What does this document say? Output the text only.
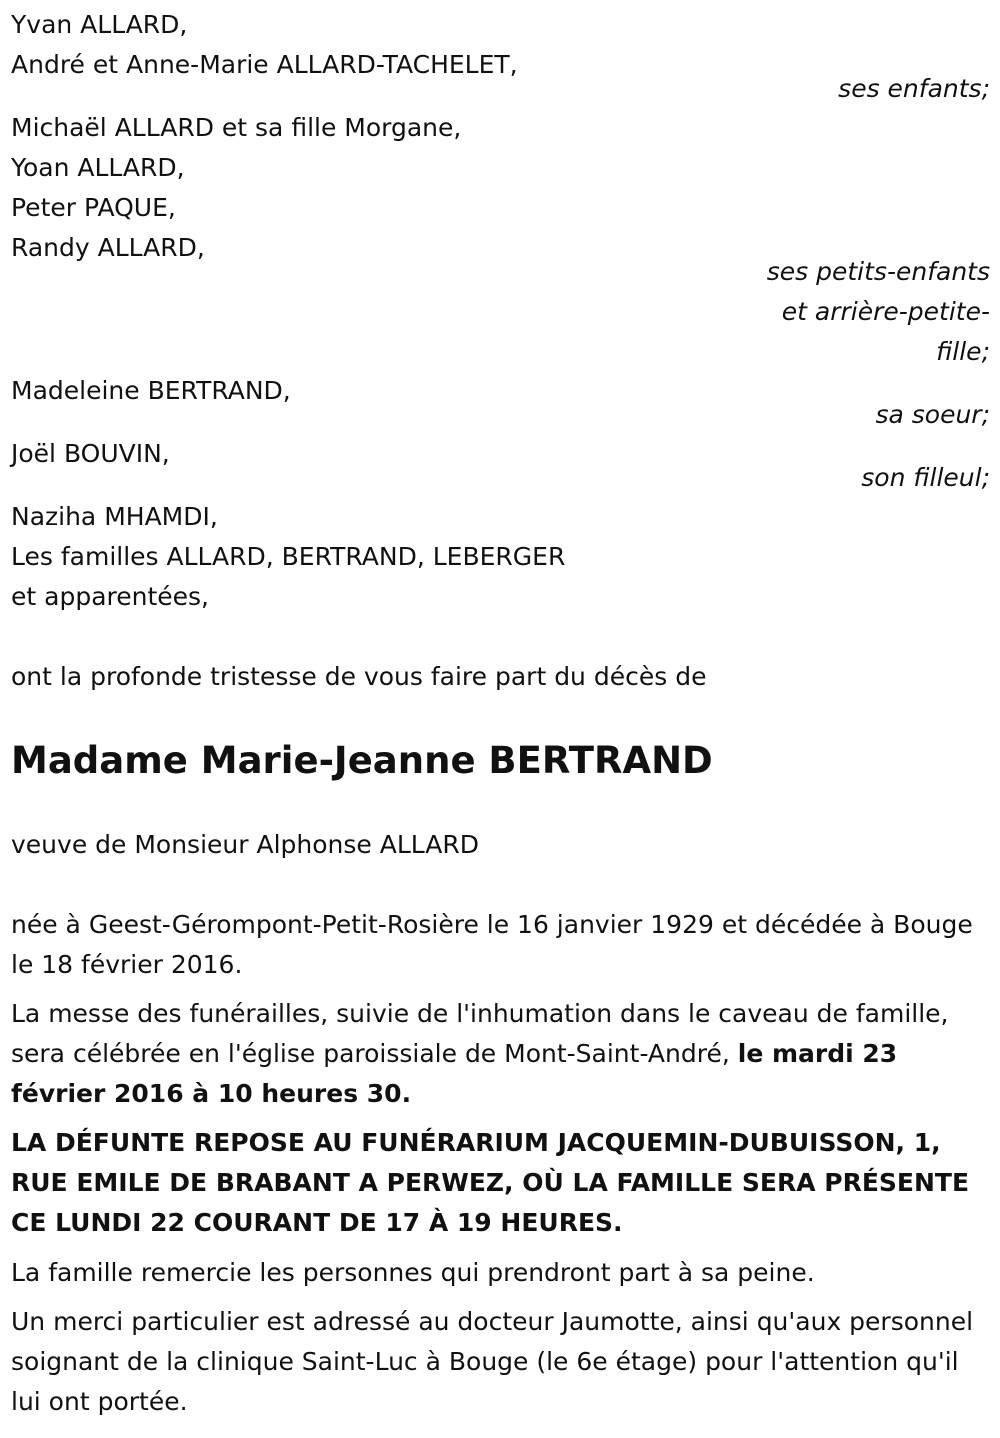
Yvan ALLARD,

André et Anne-Marie ALLARD-TACHELET,

ses enfants;

Michaël ALLARD et sa fille Morgane,

Yoan ALLARD,

Peter PAQUE,

Randy ALLARD,

ses petits-enfants

et arrière-petite-

fille;

Madeleine BERTRAND,

sa soeur;

Joël BOUVIN,

son filleul;

Naziha MHAMDI,

Les familles ALLARD, BERTRAND, LEBERGER

et apparentées,

ont la profonde tristesse de vous faire part du décès de

Madame Marie-Jeanne BERTRAND

veuve de Monsieur Alphonse ALLARD

née à Geest-Gérompont-Petit-Rosière le 16 janvier 1929 et décédée à Bouge le 18 février 2016.

La messe des funérailles, suivie de l'inhumation dans le caveau de famille, sera célébrée en l'église paroissiale de Mont-Saint-André, le mardi 23 février 2016 à 10 heures 30.

LA DÉFUNTE REPOSE AU FUNÉRARIUM JACQUEMIN-DUBUISSON, 1, RUE EMILE DE BRABANT A PERWEZ, OÙ LA FAMILLE SERA PRÉSENTE CE LUNDI 22 COURANT DE 17 À 19 HEURES.

La famille remercie les personnes qui prendront part à sa peine.

Un merci particulier est adressé au docteur Jaumotte, ainsi qu'aux personnel soignant de la clinique Saint-Luc à Bouge (le 6e étage) pour l'attention qu'il lui ont portée.
